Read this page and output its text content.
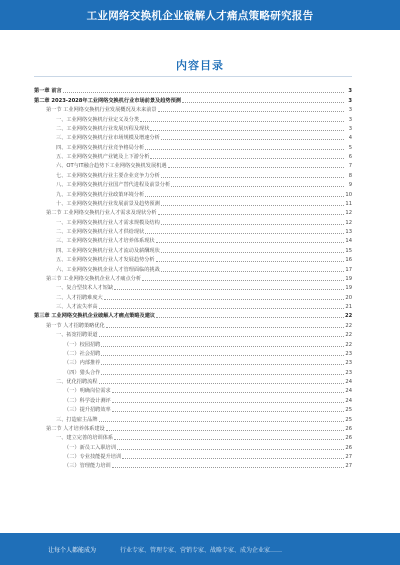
工业网络交换机企业破解人才痛点策略研究报告
内容目录
第一章 前言	3
第二章 2023-2028年工业网络交换机行业市场前景及趋势预测	3
第一节 工业网络交换机行业发展概况及未来前景	3
一、工业网络交换机行业定义及分类	3
二、工业网络交换机行业发展历程及现状	3
三、工业网络交换机行业市场规模及增速分析	4
四、工业网络交换机行业竞争格局分析	5
五、工业网络交换机产业链及上下游分析	6
六、OT与IT融合趋势下工业网络交换机发展机遇	7
七、工业网络交换机行业主要企业竞争力分析	8
八、工业网络交换机行业国产替代进程及前景分析	9
九、工业网络交换机行业政策环境分析	10
十、工业网络交换机行业发展前景及趋势预测	11
第二节 工业网络交换机行业人才需求及现状分析	12
一、工业网络交换机行业人才需求规模及结构	12
二、工业网络交换机行业人才供给现状	13
三、工业网络交换机行业人才培养体系现状	14
四、工业网络交换机行业人才流动及薪酬现状	15
五、工业网络交换机行业人才发展趋势分析	16
六、工业网络交换机企业人才管理面临的挑战	17
第三节 工业网络交换机企业人才痛点分析	19
一、复合型技术人才短缺	19
二、人才招聘难度大	20
三、人才流失率高	21
第三章 工业网络交换机企业破解人才痛点策略及建议	22
第一节 人才招聘策略优化	22
一、拓宽招聘渠道	22
（一）校园招聘	22
（二）社会招聘	23
（三）内部推荐	23
（四）猎头合作	23
二、优化招聘流程	24
（一）明确岗位需求	24
（二）科学设计测评	24
（三）提升招聘效率	25
三、打造雇主品牌	25
第二节 人才培养体系建设	26
一、建立完善的培训体系	26
（一）新员工入职培训	26
（二）专业技能提升培训	27
（三）管理能力培训	27
让每个人都能成为	行业专家、管理专家、营销专家、战略专家、成为企业家……
